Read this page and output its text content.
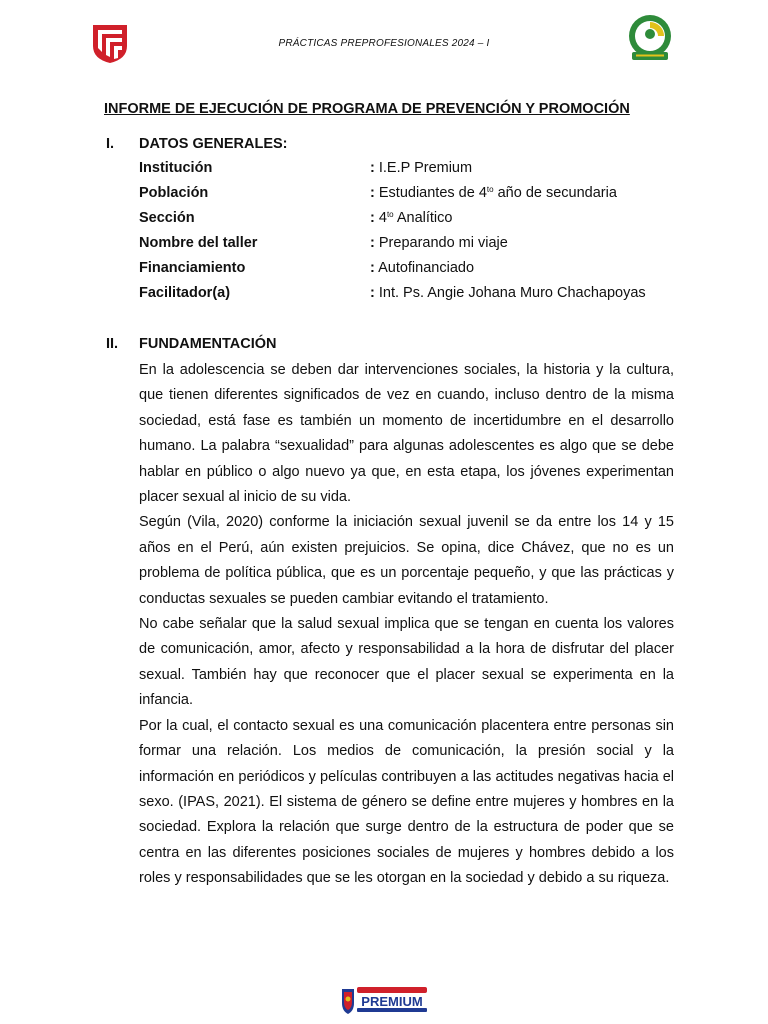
PRÁCTICAS PREPROFESIONALES 2024 – I
INFORME DE EJECUCIÓN DE PROGRAMA DE PREVENCIÓN Y PROMOCIÓN
I. DATOS GENERALES:
Institución	: I.E.P Premium
Población	: Estudiantes de $4^{to}$ año de secundaria
Sección	: $4^{to}$ Analítico
Nombre del taller	: Preparando mi viaje
Financiamiento	: Autofinanciado
Facilitador(a)	: Int. Ps. Angie Johana Muro Chachapoyas
II. FUNDAMENTACIÓN

En la adolescencia se deben dar intervenciones sociales, la historia y la cultura, que tienen diferentes significados de vez en cuando, incluso dentro de la misma sociedad, está fase es también un momento de incertidumbre en el desarrollo humano. La palabra “sexualidad” para algunas adolescentes es algo que se debe hablar en público o algo nuevo ya que, en esta etapa, los jóvenes experimentan placer sexual al inicio de su vida.

Según (Vila, 2020) conforme la iniciación sexual juvenil se da entre los 14 y 15 años en el Perú, aún existen prejuicios. Se opina, dice Chávez, que no es un problema de política pública, que es un porcentaje pequeño, y que las prácticas y conductas sexuales se pueden cambiar evitando el tratamiento.

No cabe señalar que la salud sexual implica que se tengan en cuenta los valores de comunicación, amor, afecto y responsabilidad a la hora de disfrutar del placer sexual. También hay que reconocer que el placer sexual se experimenta en la infancia.

Por la cual, el contacto sexual es una comunicación placentera entre personas sin formar una relación. Los medios de comunicación, la presión social y la información en periódicos y películas contribuyen a las actitudes negativas hacia el sexo. (IPAS, 2021). El sistema de género se define entre mujeres y hombres en la sociedad. Explora la relación que surge dentro de la estructura de poder que se centra en las diferentes posiciones sociales de mujeres y hombres debido a los roles y responsabilidades que se les otorgan en la sociedad y debido a su riqueza.

PREMIUM
